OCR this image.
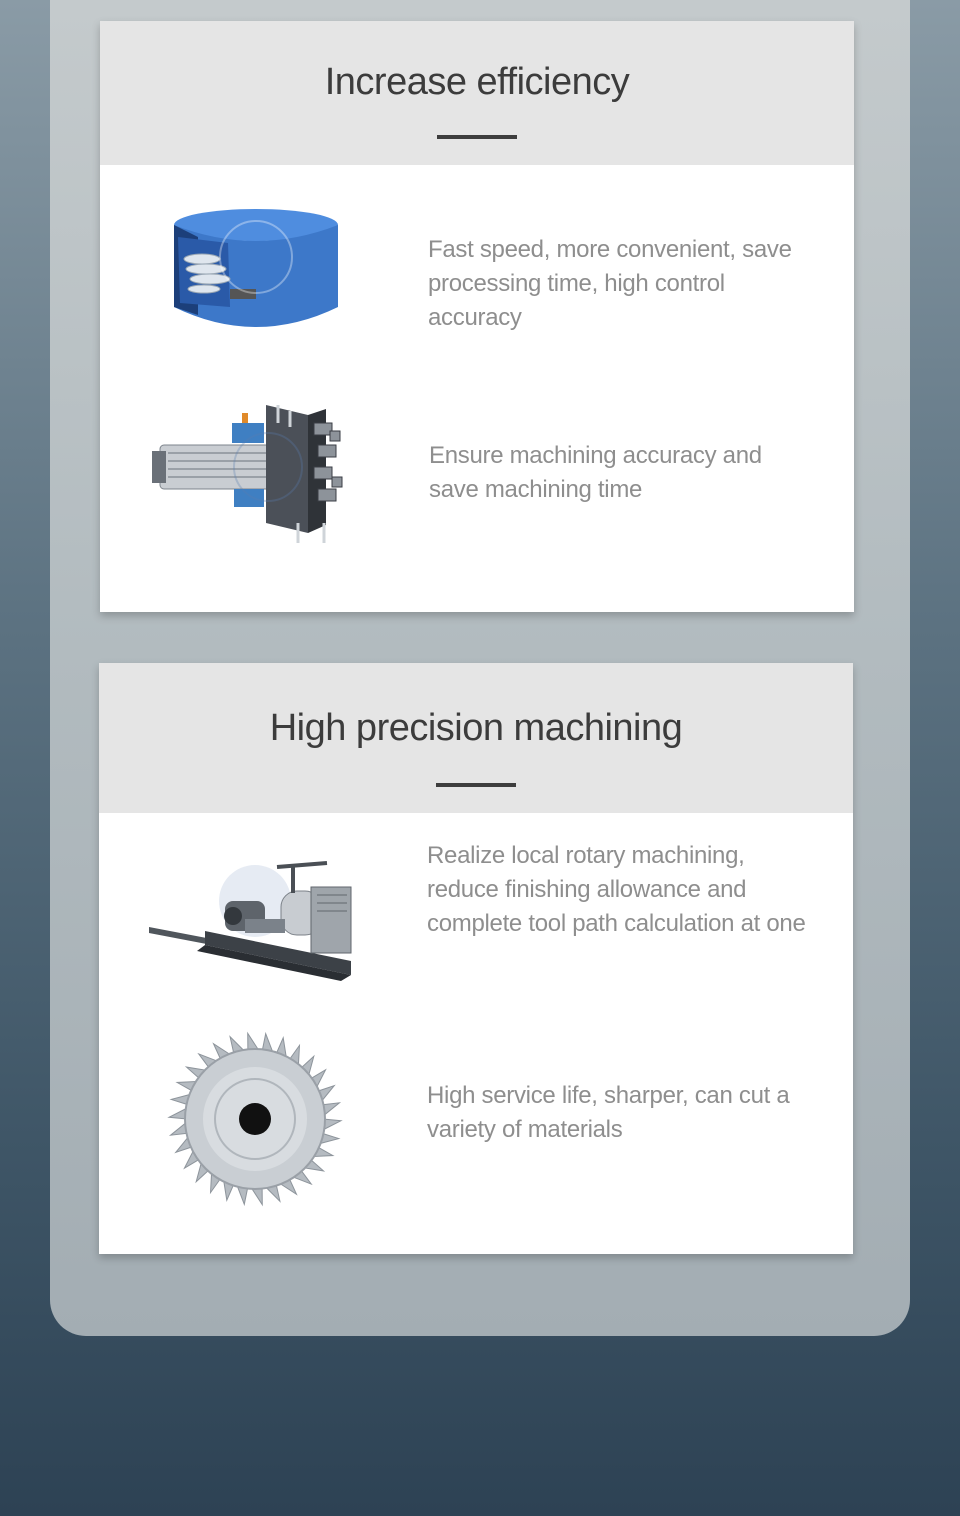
Increase efficiency

Fast speed, more convenient, save processing time, high control accuracy

Ensure machining accuracy and save machining time

High precision machining

Realize local rotary machining, reduce finishing allowance and complete tool path calculation at one

High service life, sharper, can cut a variety of materials
